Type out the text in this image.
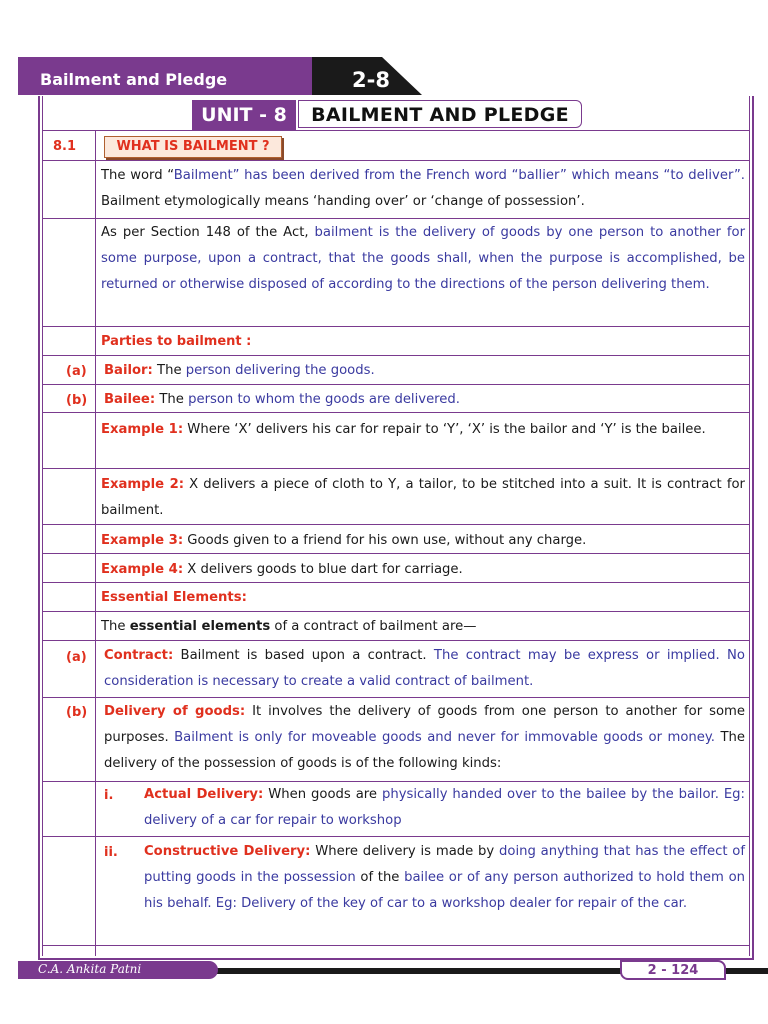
Bailment and Pledge	2-8
UNIT - 8	BAILMENT AND PLEDGE
8.1	WHAT IS BAILMENT ?
The word “Bailment” has been derived from the French word “ballier” which means “to deliver”. Bailment etymologically means ‘handing over’ or ‘change of possession’.
As per Section 148 of the Act, bailment is the delivery of goods by one person to another for some purpose, upon a contract, that the goods shall, when the purpose is accomplished, be returned or otherwise disposed of according to the directions of the person delivering them.
Parties to bailment :
(a) Bailor: The person delivering the goods.
(b) Bailee: The person to whom the goods are delivered.
Example 1: Where ‘X’ delivers his car for repair to ‘Y’, ‘X’ is the bailor and ‘Y’ is the bailee.
Example 2: X delivers a piece of cloth to Y, a tailor, to be stitched into a suit. It is contract for bailment.
Example 3: Goods given to a friend for his own use, without any charge.
Example 4: X delivers goods to blue dart for carriage.
Essential Elements:
The essential elements of a contract of bailment are—
(a) Contract: Bailment is based upon a contract. The contract may be express or implied. No consideration is necessary to create a valid contract of bailment.
(b) Delivery of goods: It involves the delivery of goods from one person to another for some purposes. Bailment is only for moveable goods and never for immovable goods or money. The delivery of the possession of goods is of the following kinds:
i. Actual Delivery: When goods are physically handed over to the bailee by the bailor. Eg: delivery of a car for repair to workshop
ii. Constructive Delivery: Where delivery is made by doing anything that has the effect of putting goods in the possession of the bailee or of any person authorized to hold them on his behalf. Eg: Delivery of the key of car to a workshop dealer for repair of the car.
C.A. Ankita Patni	2 - 124
